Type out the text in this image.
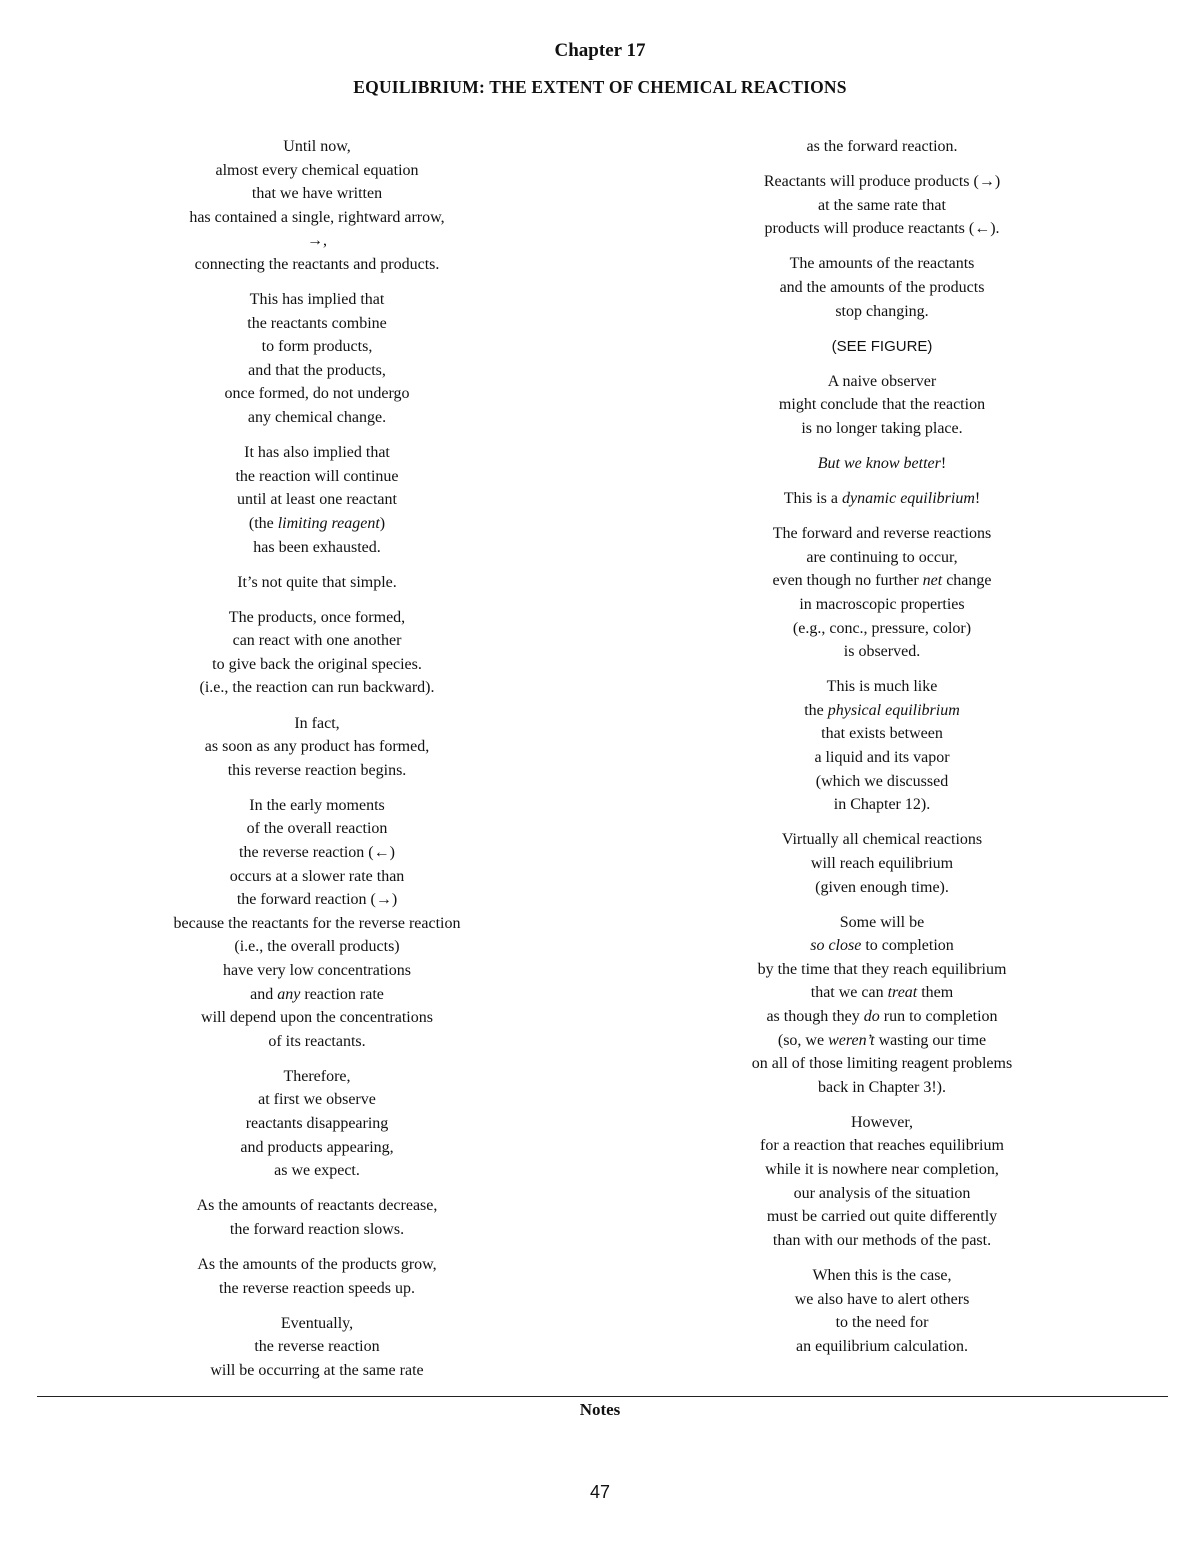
Chapter 17
EQUILIBRIUM: THE EXTENT OF CHEMICAL REACTIONS
Until now,
almost every chemical equation
that we have written
has contained a single, rightward arrow,
→,
connecting the reactants and products.
This has implied that
the reactants combine
to form products,
and that the products,
once formed, do not undergo
any chemical change.
It has also implied that
the reaction will continue
until at least one reactant
(the limiting reagent)
has been exhausted.
It’s not quite that simple.
The products, once formed,
can react with one another
to give back the original species.
(i.e., the reaction can run backward).
In fact,
as soon as any product has formed,
this reverse reaction begins.
In the early moments
of the overall reaction
the reverse reaction (←)
occurs at a slower rate than
the forward reaction (→)
because the reactants for the reverse reaction
(i.e., the overall products)
have very low concentrations
and any reaction rate
will depend upon the concentrations
of its reactants.
Therefore,
at first we observe
reactants disappearing
and products appearing,
as we expect.
As the amounts of reactants decrease,
the forward reaction slows.
As the amounts of the products grow,
the reverse reaction speeds up.
Eventually,
the reverse reaction
will be occurring at the same rate
as the forward reaction.
Reactants will produce products (→)
at the same rate that
products will produce reactants (←).
The amounts of the reactants
and the amounts of the products
stop changing.
(SEE FIGURE)
A naive observer
might conclude that the reaction
is no longer taking place.
But we know better!
This is a dynamic equilibrium!
The forward and reverse reactions
are continuing to occur,
even though no further net change
in macroscopic properties
(e.g., conc., pressure, color)
is observed.
This is much like
the physical equilibrium
that exists between
a liquid and its vapor
(which we discussed
in Chapter 12).
Virtually all chemical reactions
will reach equilibrium
(given enough time).
Some will be
so close to completion
by the time that they reach equilibrium
that we can treat them
as though they do run to completion
(so, we weren’t wasting our time
on all of those limiting reagent problems
back in Chapter 3!).
However,
for a reaction that reaches equilibrium
while it is nowhere near completion,
our analysis of the situation
must be carried out quite differently
than with our methods of the past.
When this is the case,
we also have to alert others
to the need for
an equilibrium calculation.
Notes
47
